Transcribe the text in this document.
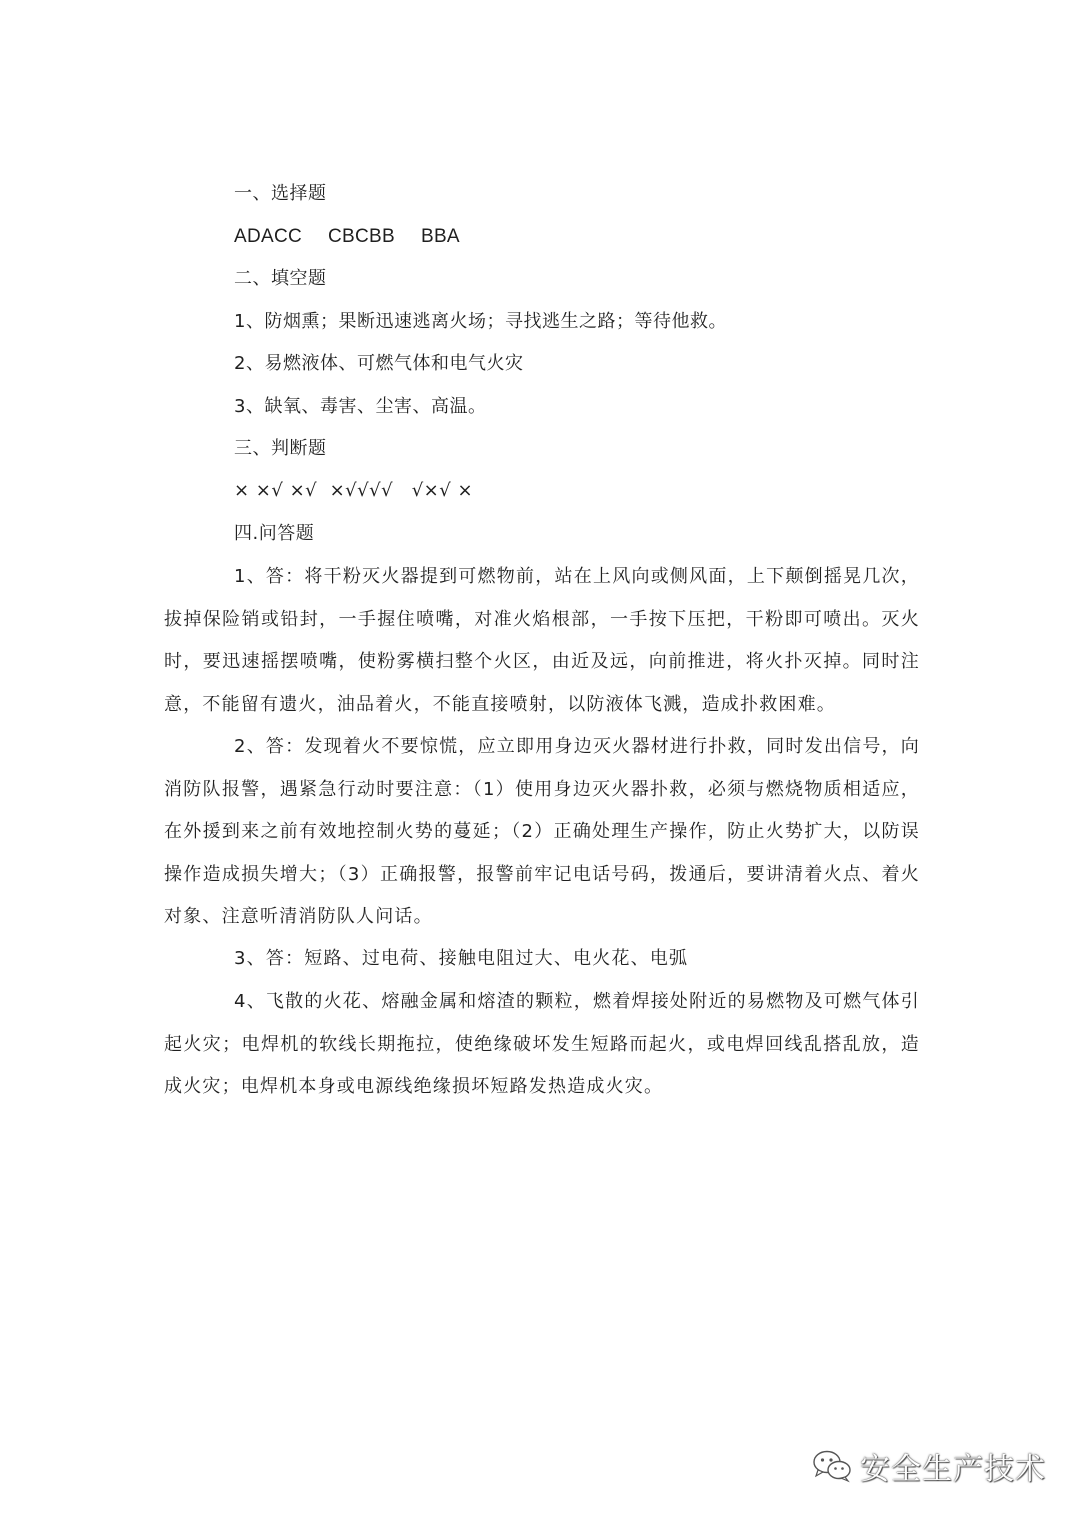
一、选择题
ADACC CBCBB BBA
二、填空题
1、防烟熏；果断迅速逃离火场；寻找逃生之路；等待他救。
2、易燃液体、可燃气体和电气火灾
3、缺氧、毒害、尘害、高温。
三、判断题
× ×√ ×√  ×√√√√   √×√ ×
四.问答题
1、答：将干粉灭火器提到可燃物前，站在上风向或侧风面，上下颠倒摇晃几次，拔掉保险销或铅封，一手握住喷嘴，对准火焰根部，一手按下压把，干粉即可喷出。灭火时，要迅速摇摆喷嘴，使粉雾横扫整个火区，由近及远，向前推进，将火扑灭掉。同时注意，不能留有遗火，油品着火，不能直接喷射，以防液体飞溅，造成扑救困难。
2、答：发现着火不要惊慌，应立即用身边灭火器材进行扑救，同时发出信号，向消防队报警，遇紧急行动时要注意：（1）使用身边灭火器扑救，必须与燃烧物质相适应，在外援到来之前有效地控制火势的蔓延；（2）正确处理生产操作，防止火势扩大，以防误操作造成损失增大；（3）正确报警，报警前牢记电话号码，拨通后，要讲清着火点、着火对象、注意听清消防队人问话。
3、答：短路、过电荷、接触电阻过大、电火花、电弧
4、飞散的火花、熔融金属和熔渣的颗粒，燃着焊接处附近的易燃物及可燃气体引起火灾；电焊机的软线长期拖拉，使绝缘破坏发生短路而起火，或电焊回线乱搭乱放，造成火灾；电焊机本身或电源线绝缘损坏短路发热造成火灾。
安全生产技术
